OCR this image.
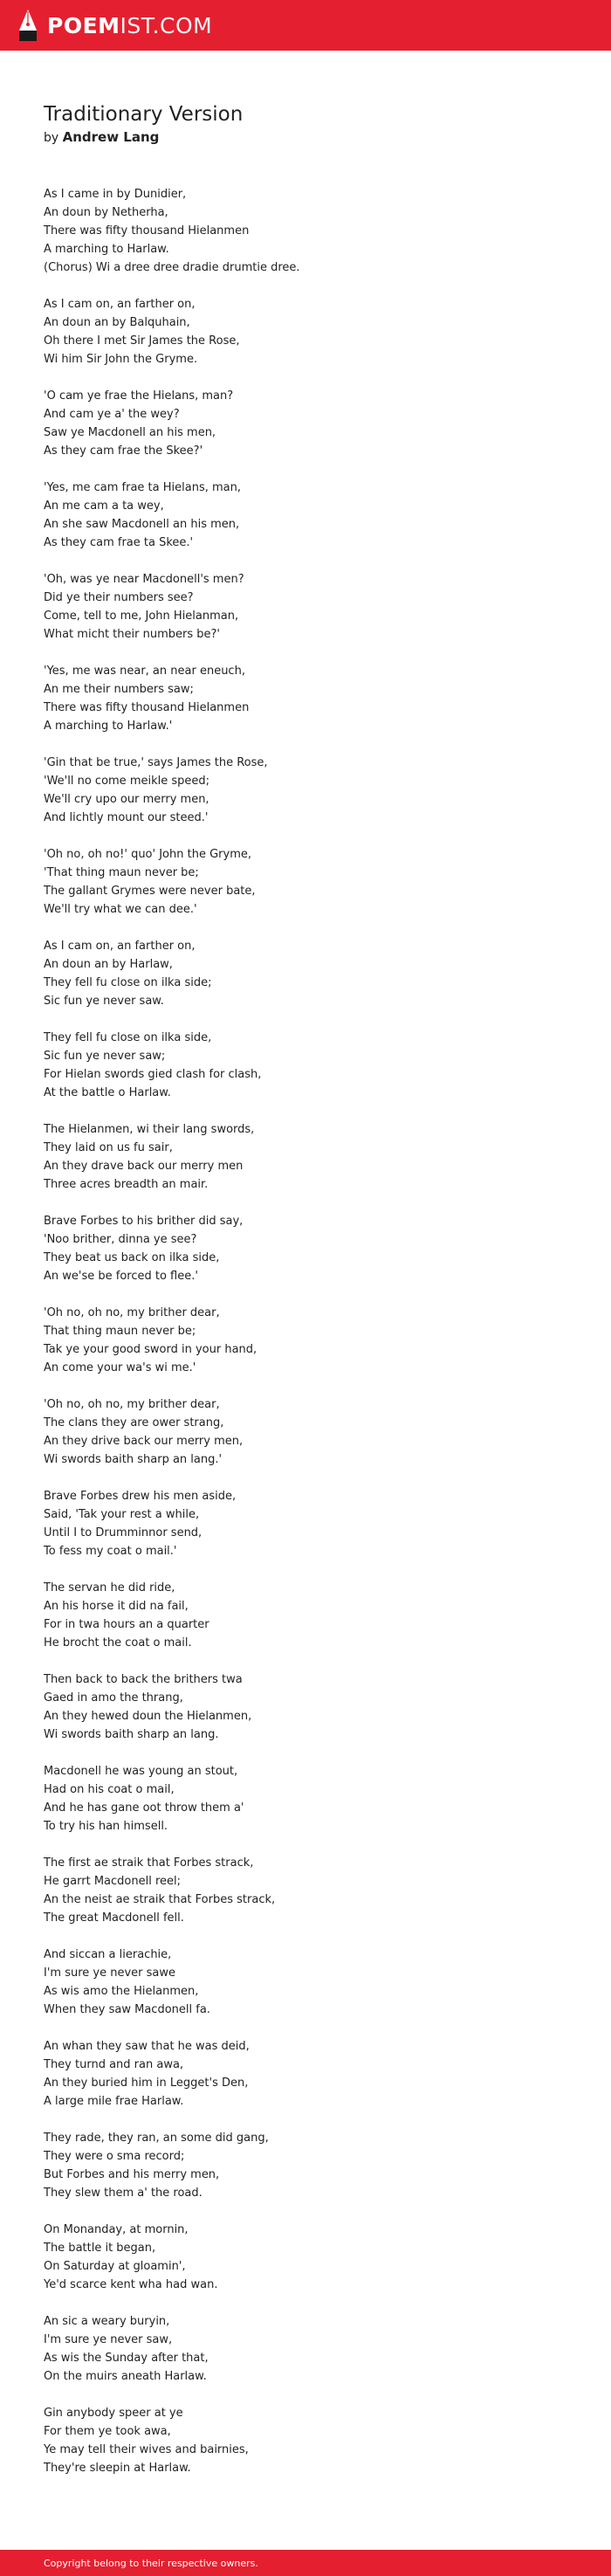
POEMIST.COM
Traditionary Version
by Andrew Lang
As I came in by Dunidier,
An doun by Netherha,
There was fifty thousand Hielanmen
A marching to Harlaw.
(Chorus) Wi a dree dree dradie drumtie dree.
As I cam on, an farther on,
An doun an by Balquhain,
Oh there I met Sir James the Rose,
Wi him Sir John the Gryme.
'O cam ye frae the Hielans, man?
And cam ye a' the wey?
Saw ye Macdonell an his men,
As they cam frae the Skee?'
'Yes, me cam frae ta Hielans, man,
An me cam a ta wey,
An she saw Macdonell an his men,
As they cam frae ta Skee.'
'Oh, was ye near Macdonell's men?
Did ye their numbers see?
Come, tell to me, John Hielanman,
What micht their numbers be?'
'Yes, me was near, an near eneuch,
An me their numbers saw;
There was fifty thousand Hielanmen
A marching to Harlaw.'
'Gin that be true,' says James the Rose,
'We'll no come meikle speed;
We'll cry upo our merry men,
And lichtly mount our steed.'
'Oh no, oh no!' quo' John the Gryme,
'That thing maun never be;
The gallant Grymes were never bate,
We'll try what we can dee.'
As I cam on, an farther on,
An doun an by Harlaw,
They fell fu close on ilka side;
Sic fun ye never saw.
They fell fu close on ilka side,
Sic fun ye never saw;
For Hielan swords gied clash for clash,
At the battle o Harlaw.
The Hielanmen, wi their lang swords,
They laid on us fu sair,
An they drave back our merry men
Three acres breadth an mair.
Brave Forbes to his brither did say,
'Noo brither, dinna ye see?
They beat us back on ilka side,
An we'se be forced to flee.'
'Oh no, oh no, my brither dear,
That thing maun never be;
Tak ye your good sword in your hand,
An come your wa's wi me.'
'Oh no, oh no, my brither dear,
The clans they are ower strang,
An they drive back our merry men,
Wi swords baith sharp an lang.'
Brave Forbes drew his men aside,
Said, 'Tak your rest a while,
Until I to Drumminnor send,
To fess my coat o mail.'
The servan he did ride,
An his horse it did na fail,
For in twa hours an a quarter
He brocht the coat o mail.
Then back to back the brithers twa
Gaed in amo the thrang,
An they hewed doun the Hielanmen,
Wi swords baith sharp an lang.
Macdonell he was young an stout,
Had on his coat o mail,
And he has gane oot throw them a'
To try his han himsell.
The first ae straik that Forbes strack,
He garrt Macdonell reel;
An the neist ae straik that Forbes strack,
The great Macdonell fell.
And siccan a lierachie,
I'm sure ye never sawe
As wis amo the Hielanmen,
When they saw Macdonell fa.
An whan they saw that he was deid,
They turnd and ran awa,
An they buried him in Legget's Den,
A large mile frae Harlaw.
They rade, they ran, an some did gang,
They were o sma record;
But Forbes and his merry men,
They slew them a' the road.
On Monanday, at mornin,
The battle it began,
On Saturday at gloamin',
Ye'd scarce kent wha had wan.
An sic a weary buryin,
I'm sure ye never saw,
As wis the Sunday after that,
On the muirs aneath Harlaw.
Gin anybody speer at ye
For them ye took awa,
Ye may tell their wives and bairnies,
They're sleepin at Harlaw.
Copyright belong to their respective owners.
